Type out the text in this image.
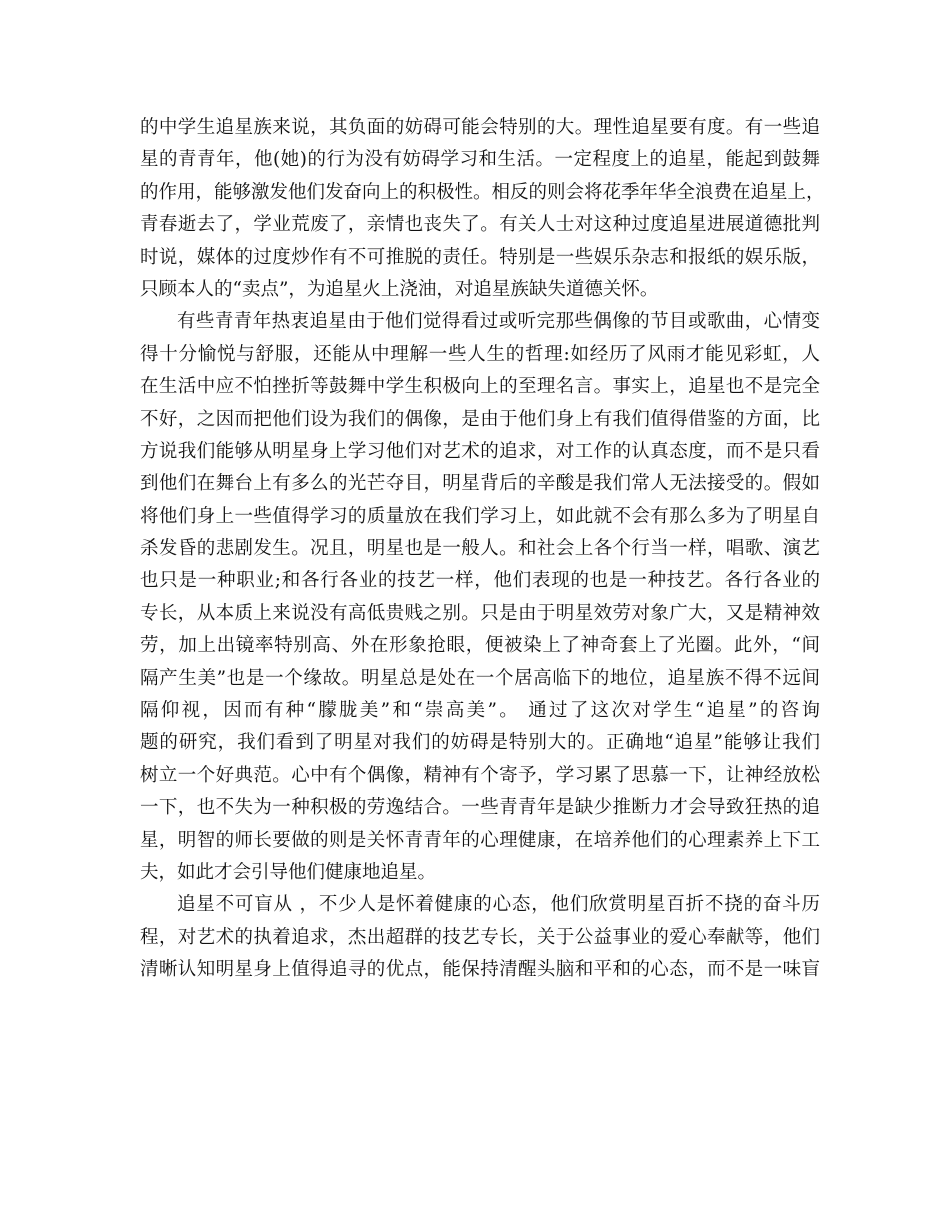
的中学生追星族来说，其负面的妨碍可能会特别的大。理性追星要有度。有一些追
星的青青年，他(她)的行为没有妨碍学习和生活。一定程度上的追星，能起到鼓舞
的作用，能够激发他们发奋向上的积极性。相反的则会将花季年华全浪费在追星上，
青春逝去了，学业荒废了，亲情也丧失了。有关人士对这种过度追星进展道德批判
时说，媒体的过度炒作有不可推脱的责任。特别是一些娱乐杂志和报纸的娱乐版，
只顾本人的“卖点”，为追星火上浇油，对追星族缺失道德关怀。
有些青青年热衷追星由于他们觉得看过或听完那些偶像的节目或歌曲，心情变
得十分愉悦与舒服，还能从中理解一些人生的哲理:如经历了风雨才能见彩虹，人
在生活中应不怕挫折等鼓舞中学生积极向上的至理名言。事实上，追星也不是完全
不好，之因而把他们设为我们的偶像，是由于他们身上有我们值得借鉴的方面，比
方说我们能够从明星身上学习他们对艺术的追求，对工作的认真态度，而不是只看
到他们在舞台上有多么的光芒夺目，明星背后的辛酸是我们常人无法接受的。假如
将他们身上一些值得学习的质量放在我们学习上，如此就不会有那么多为了明星自
杀发昏的悲剧发生。况且，明星也是一般人。和社会上各个行当一样，唱歌、演艺
也只是一种职业;和各行各业的技艺一样，他们表现的也是一种技艺。各行各业的
专长，从本质上来说没有高低贵贱之别。只是由于明星效劳对象广大，又是精神效
劳，加上出镜率特别高、外在形象抢眼，便被染上了神奇套上了光圈。此外，“间
隔产生美”也是一个缘故。明星总是处在一个居高临下的地位，追星族不得不远间
隔仰视，因而有种“朦胧美”和“崇高美”。 通过了这次对学生“追星”的咨询
题的研究，我们看到了明星对我们的妨碍是特别大的。正确地“追星”能够让我们
树立一个好典范。心中有个偶像，精神有个寄予，学习累了思慕一下，让神经放松
一下，也不失为一种积极的劳逸结合。一些青青年是缺少推断力才会导致狂热的追
星，明智的师长要做的则是关怀青青年的心理健康，在培养他们的心理素养上下工
夫，如此才会引导他们健康地追星。
追星不可盲从 ，不少人是怀着健康的心态，他们欣赏明星百折不挠的奋斗历
程，对艺术的执着追求，杰出超群的技艺专长，关于公益事业的爱心奉献等，他们
清晰认知明星身上值得追寻的优点，能保持清醒头脑和平和的心态，而不是一味盲
